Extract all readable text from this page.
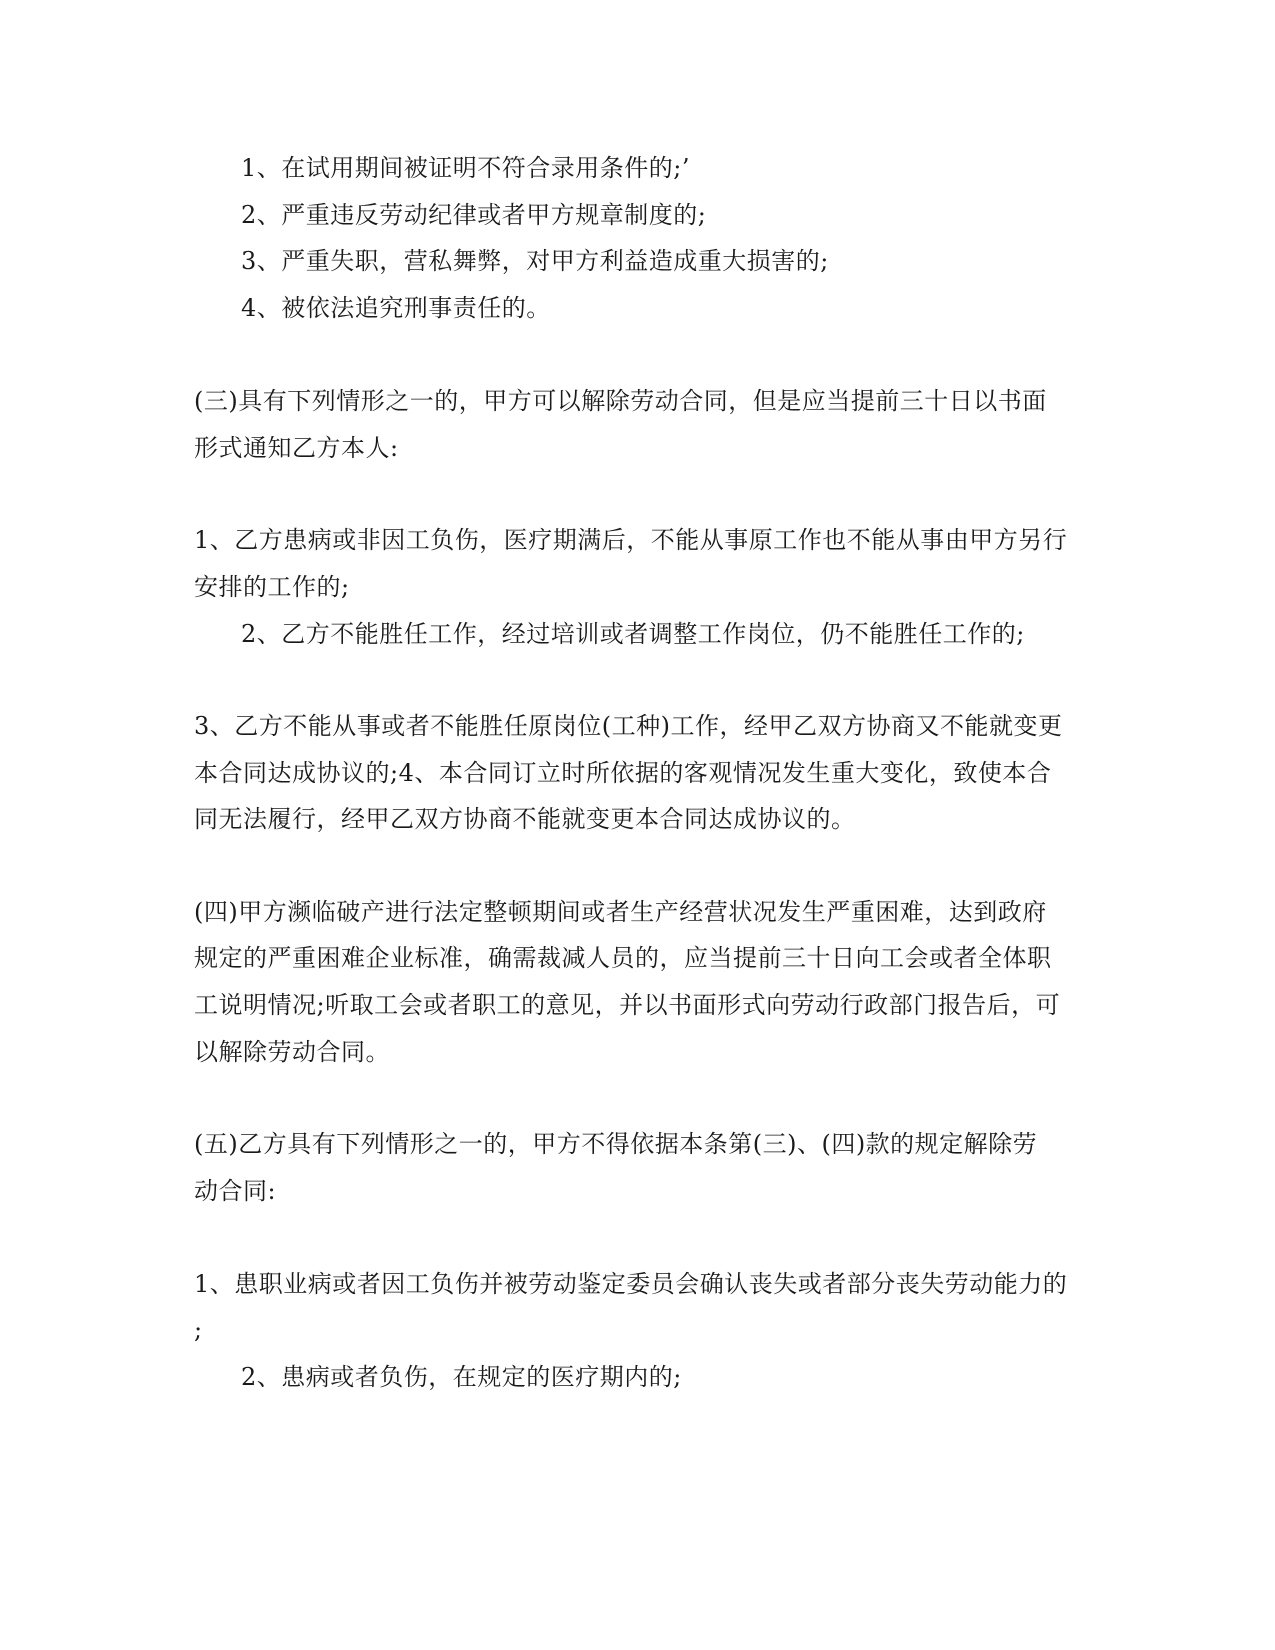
1、在试用期间被证明不符合录用条件的;’
2、严重违反劳动纪律或者甲方规章制度的;
3、严重失职，营私舞弊，对甲方利益造成重大损害的;
4、被依法追究刑事责任的。
(三)具有下列情形之一的，甲方可以解除劳动合同，但是应当提前三十日以书面
形式通知乙方本人:
1、乙方患病或非因工负伤，医疗期满后，不能从事原工作也不能从事由甲方另行
安排的工作的;
2、乙方不能胜任工作，经过培训或者调整工作岗位，仍不能胜任工作的;
3、乙方不能从事或者不能胜任原岗位(工种)工作，经甲乙双方协商又不能就变更
本合同达成协议的;4、本合同订立时所依据的客观情况发生重大变化，致使本合
同无法履行，经甲乙双方协商不能就变更本合同达成协议的。
(四)甲方濒临破产进行法定整顿期间或者生产经营状况发生严重困难，达到政府
规定的严重困难企业标准，确需裁减人员的，应当提前三十日向工会或者全体职
工说明情况;听取工会或者职工的意见，并以书面形式向劳动行政部门报告后，可
以解除劳动合同。
(五)乙方具有下列情形之一的，甲方不得依据本条第(三)、(四)款的规定解除劳
动合同:
1、患职业病或者因工负伤并被劳动鉴定委员会确认丧失或者部分丧失劳动能力的
;
2、患病或者负伤，在规定的医疗期内的;
